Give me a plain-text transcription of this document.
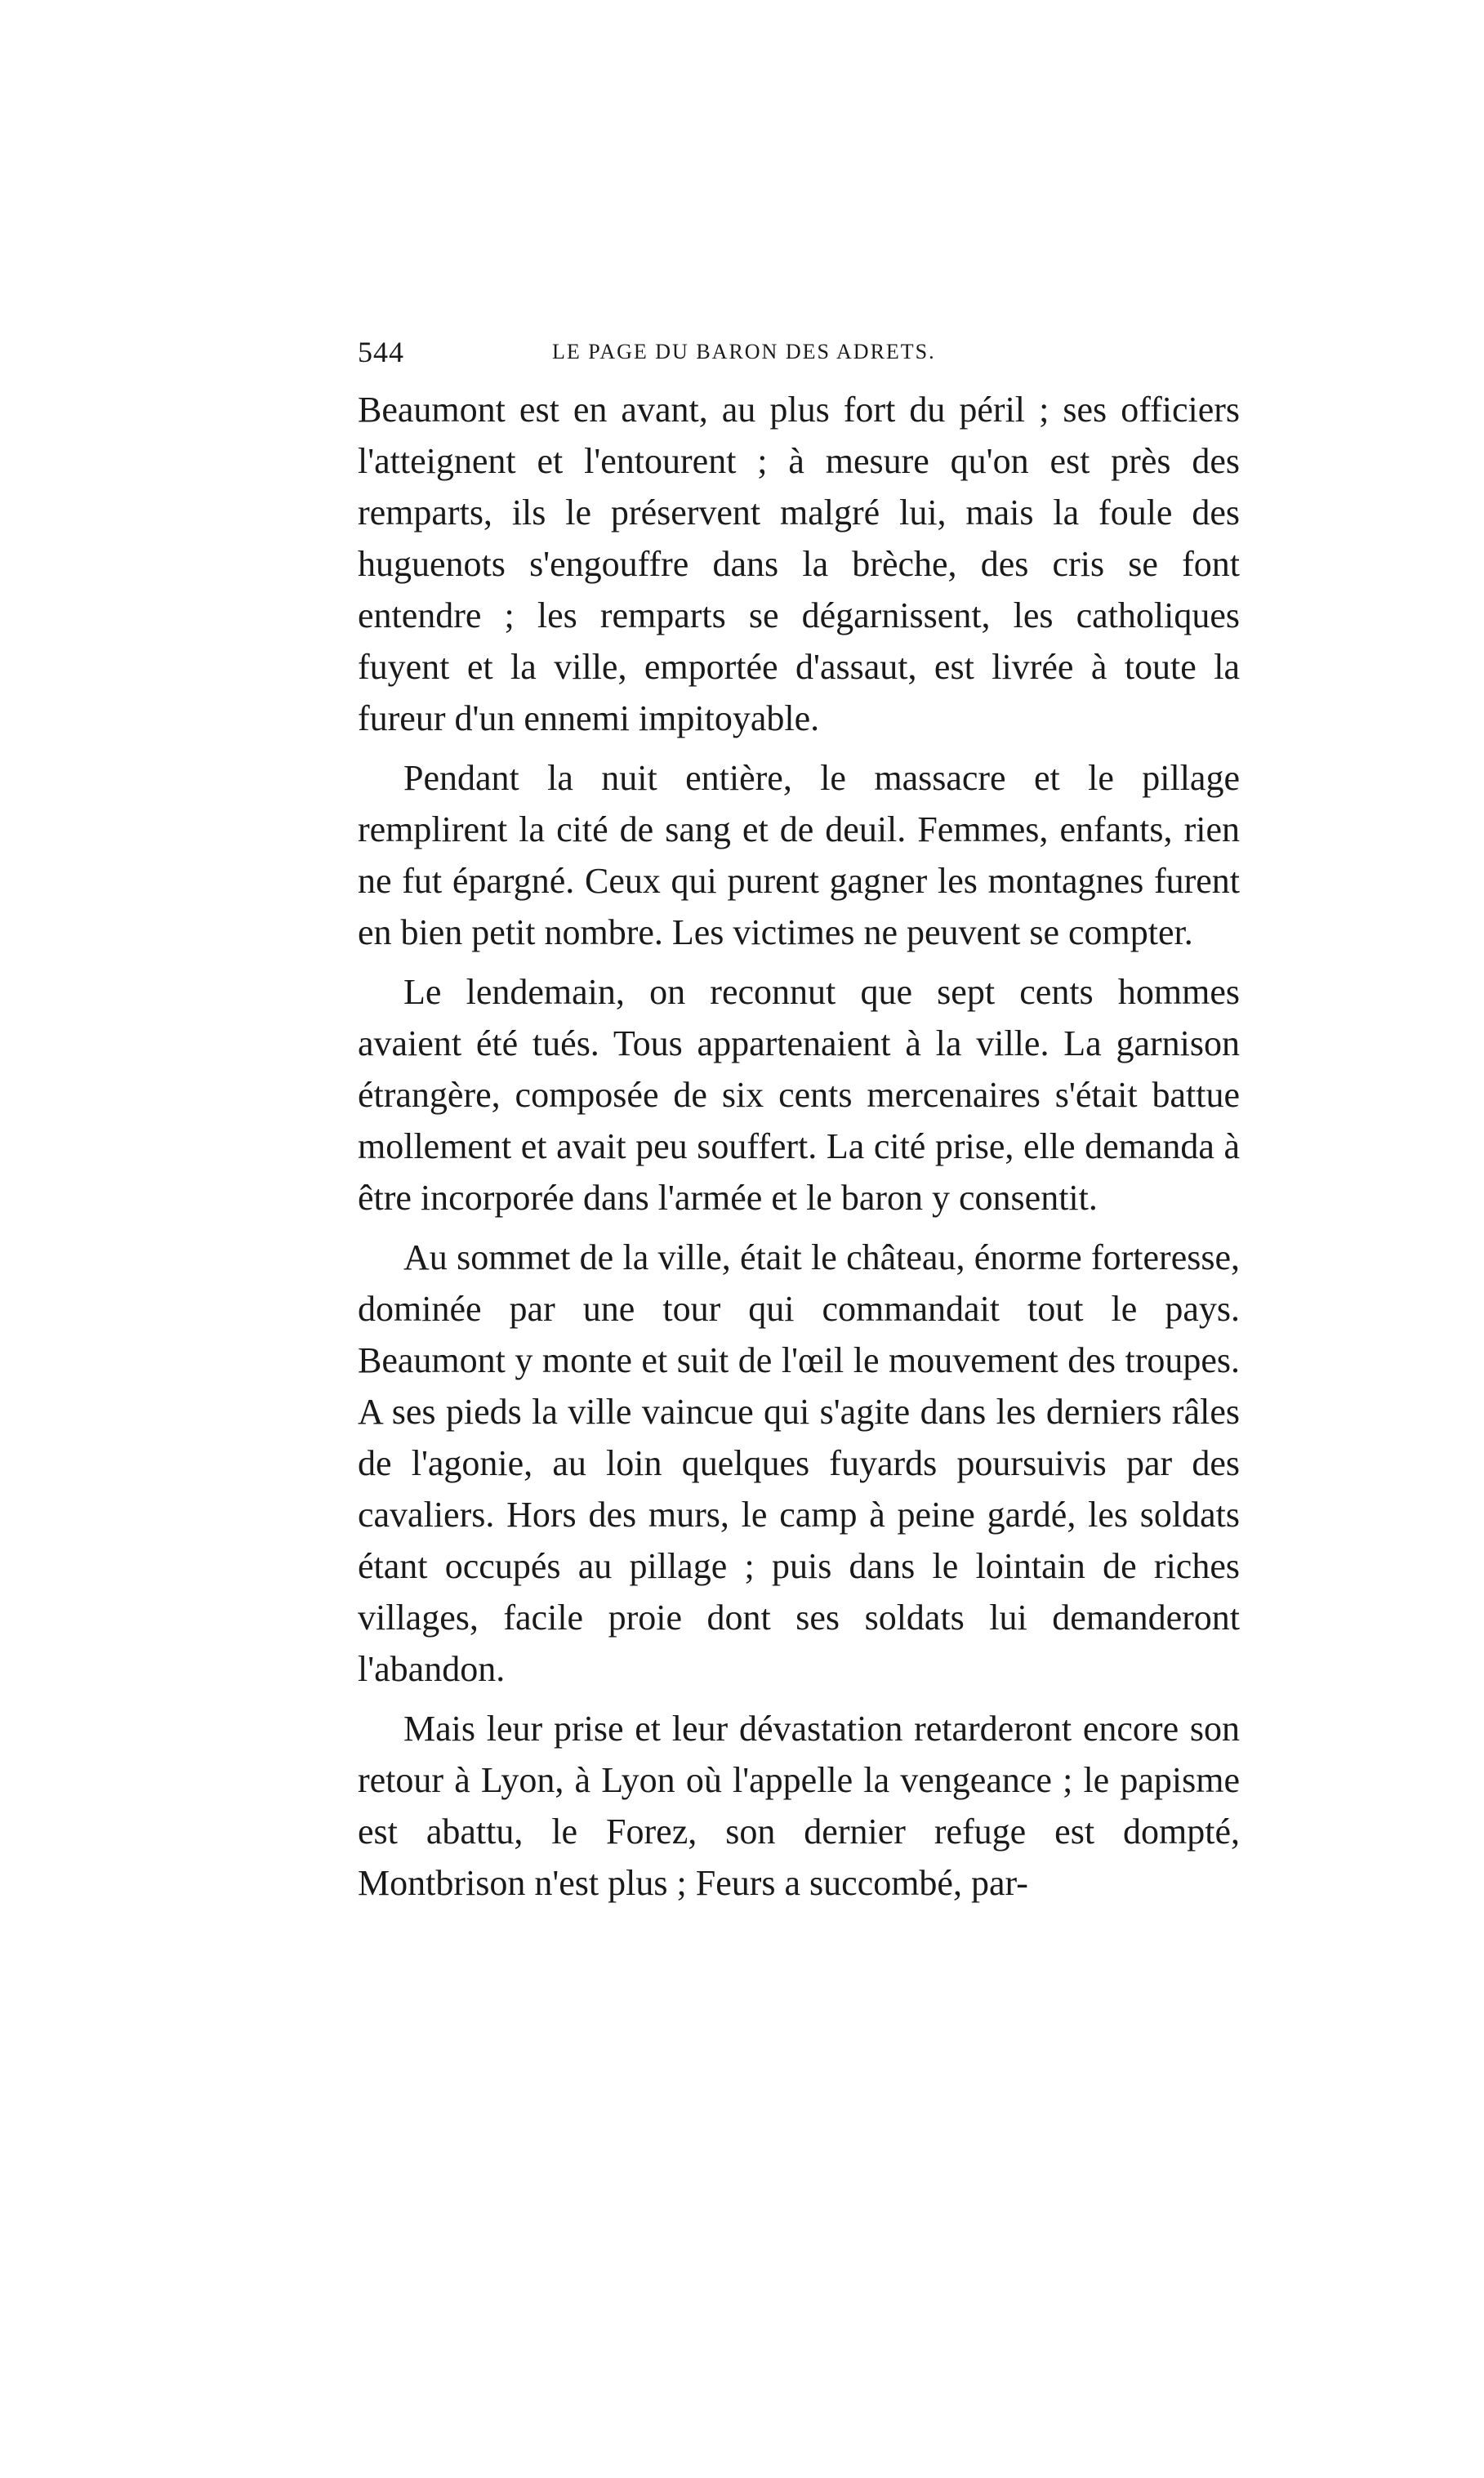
544	LE PAGE DU BARON DES ADRETS.

Beaumont est en avant, au plus fort du péril ; ses officiers l'atteignent et l'entourent ; à mesure qu'on est près des remparts, ils le préservent malgré lui, mais la foule des huguenots s'engouffre dans la brèche, des cris se font entendre ; les remparts se dégarnissent, les catholiques fuyent et la ville, emportée d'assaut, est livrée à toute la fureur d'un ennemi impitoyable.

Pendant la nuit entière, le massacre et le pillage remplirent la cité de sang et de deuil. Femmes, enfants, rien ne fut épargné. Ceux qui purent gagner les montagnes furent en bien petit nombre. Les victimes ne peuvent se compter.

Le lendemain, on reconnut que sept cents hommes avaient été tués. Tous appartenaient à la ville. La garnison étrangère, composée de six cents mercenaires s'était battue mollement et avait peu souffert. La cité prise, elle demanda à être incorporée dans l'armée et le baron y consentit.

Au sommet de la ville, était le château, énorme forteresse, dominée par une tour qui commandait tout le pays. Beaumont y monte et suit de l'œil le mouvement des troupes. A ses pieds la ville vaincue qui s'agite dans les derniers râles de l'agonie, au loin quelques fuyards poursuivis par des cavaliers. Hors des murs, le camp à peine gardé, les soldats étant occupés au pillage ; puis dans le lointain de riches villages, facile proie dont ses soldats lui demanderont l'abandon.

Mais leur prise et leur dévastation retarderont encore son retour à Lyon, à Lyon où l'appelle la vengeance ; le papisme est abattu, le Forez, son dernier refuge est dompté, Montbrison n'est plus ; Feurs a succombé, par-
